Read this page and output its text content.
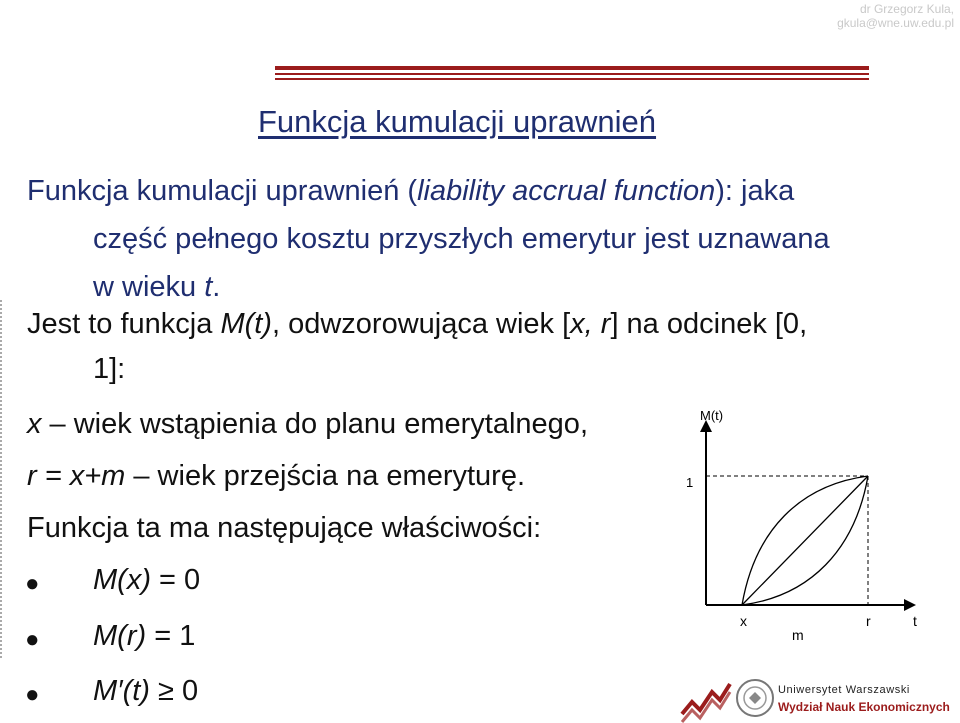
dr Grzegorz Kula,
gkula@wne.uw.edu.pl
Funkcja kumulacji uprawnień
Funkcja kumulacji uprawnień (liability accrual function): jaka
część pełnego kosztu przyszłych emerytur jest uznawana
w wieku t.
Jest to funkcja M(t), odwzorowująca wiek [x, r] na odcinek [0,
1]:
x – wiek wstąpienia do planu emerytalnego,
r = x+m – wiek przejścia na emeryturę.
Funkcja ta ma następujące właściwości:
● M(x) = 0
● M(r) = 1
● M′(t) ≥ 0
M(t)
1
x
m
r	t
Uniwersytet Warszawski
Wydział Nauk Ekonomicznych
